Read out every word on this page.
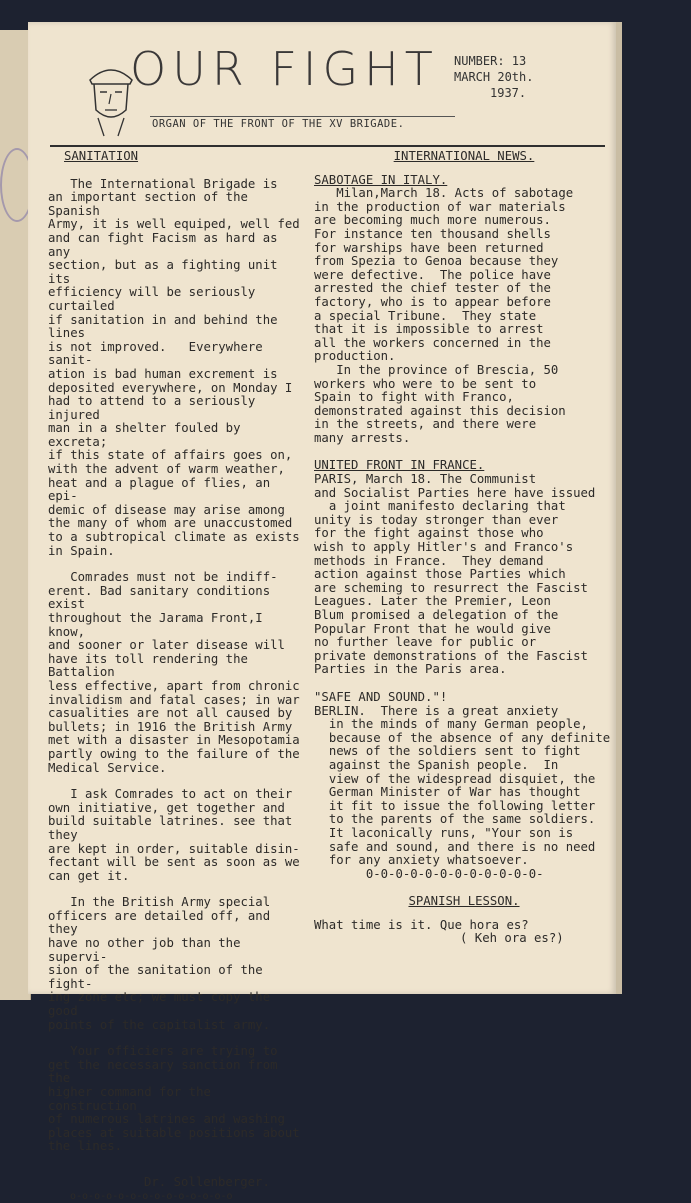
OUR FIGHT NUMBER: 13
MARCH 20th.
1937.
ORGAN OF THE FRONT OF THE XV BRIGADE.
SANITATION
The International Brigade is
an important section of the Spanish
Army, it is well equiped, well fed
and can fight Facism as hard as any
section, but as a fighting unit its
efficiency will be seriously curtailed
if sanitation in and behind the lines
is not improved.   Everywhere sanit-
ation is bad human excrement is
deposited everywhere, on Monday I
had to attend to a seriously injured
man in a shelter fouled by excreta;
if this state of affairs goes on,
with the advent of warm weather,
heat and a plague of flies, an epi-
demic of disease may arise among
the many of whom are unaccustomed
to a subtropical climate as exists
in Spain.
Comrades must not be indiff-
erent. Bad sanitary conditions exist
throughout the Jarama Front,I know,
and sooner or later disease will
have its toll rendering the Battalion
less effective, apart from chronic
invalidism and fatal cases; in war
casualities are not all caused by
bullets; in 1916 the British Army
met with a disaster in Mesopotamia
partly owing to the failure of the
Medical Service.
I ask Comrades to act on their
own initiative, get together and
build suitable latrines. see that they
are kept in order, suitable disin-
fectant will be sent as soon as we
can get it.
In the British Army special
officers are detailed off, and they
have no other job than the supervi-
sion of the sanitation of the fight-
ing zone etc; we must copy the good
points of the capitalist army.
Your officiers are trying to
get the necessary sanction from the
higher command for the construction
of numerous latrines and washing
places at suitable positions about
the lines.
Dr. Sollenberger.
o-o-o-o-o-o-o-o-o-o-o-o-o-o
INTERNATIONAL NEWS.
SABOTAGE IN ITALY.
Milan,March 18. Acts of sabotage
in the production of war materials
are becoming much more numerous.
For instance ten thousand shells
for warships have been returned
from Spezia to Genoa because they
were defective.  The police have
arrested the chief tester of the
factory, who is to appear before
a special Tribune.  They state
that it is impossible to arrest
all the workers concerned in the
production.
In the province of Brescia, 50
workers who were to be sent to
Spain to fight with Franco,
demonstrated against this decision
in the streets, and there were
many arrests.
UNITED FRONT IN FRANCE.
PARIS, March 18. The Communist
and Socialist Parties here have issued
a joint manifesto declaring that
unity is today stronger than ever
for the fight against those who
wish to apply Hitler's and Franco's
methods in France.  They demand
action against those Parties which
are scheming to resurrect the Fascist
Leagues. Later the Premier, Leon
Blum promised a delegation of the
Popular Front that he would give
no further leave for public or
private demonstrations of the Fascist
Parties in the Paris area.
"SAFE AND SOUND."!
BERLIN.  There is a great anxiety
in the minds of many German people,
because of the absence of any definite
news of the soldiers sent to fight
against the Spanish people.  In
view of the widespread disquiet, the
German Minister of War has thought
it fit to issue the following letter
to the parents of the same soldiers.
It laconically runs, "Your son is
safe and sound, and there is no need
for any anxiety whatsoever.
0-0-0-0-0-0-0-0-0-0-0-0-
SPANISH LESSON.
What time is it. Que hora es?
( Keh ora es?)
